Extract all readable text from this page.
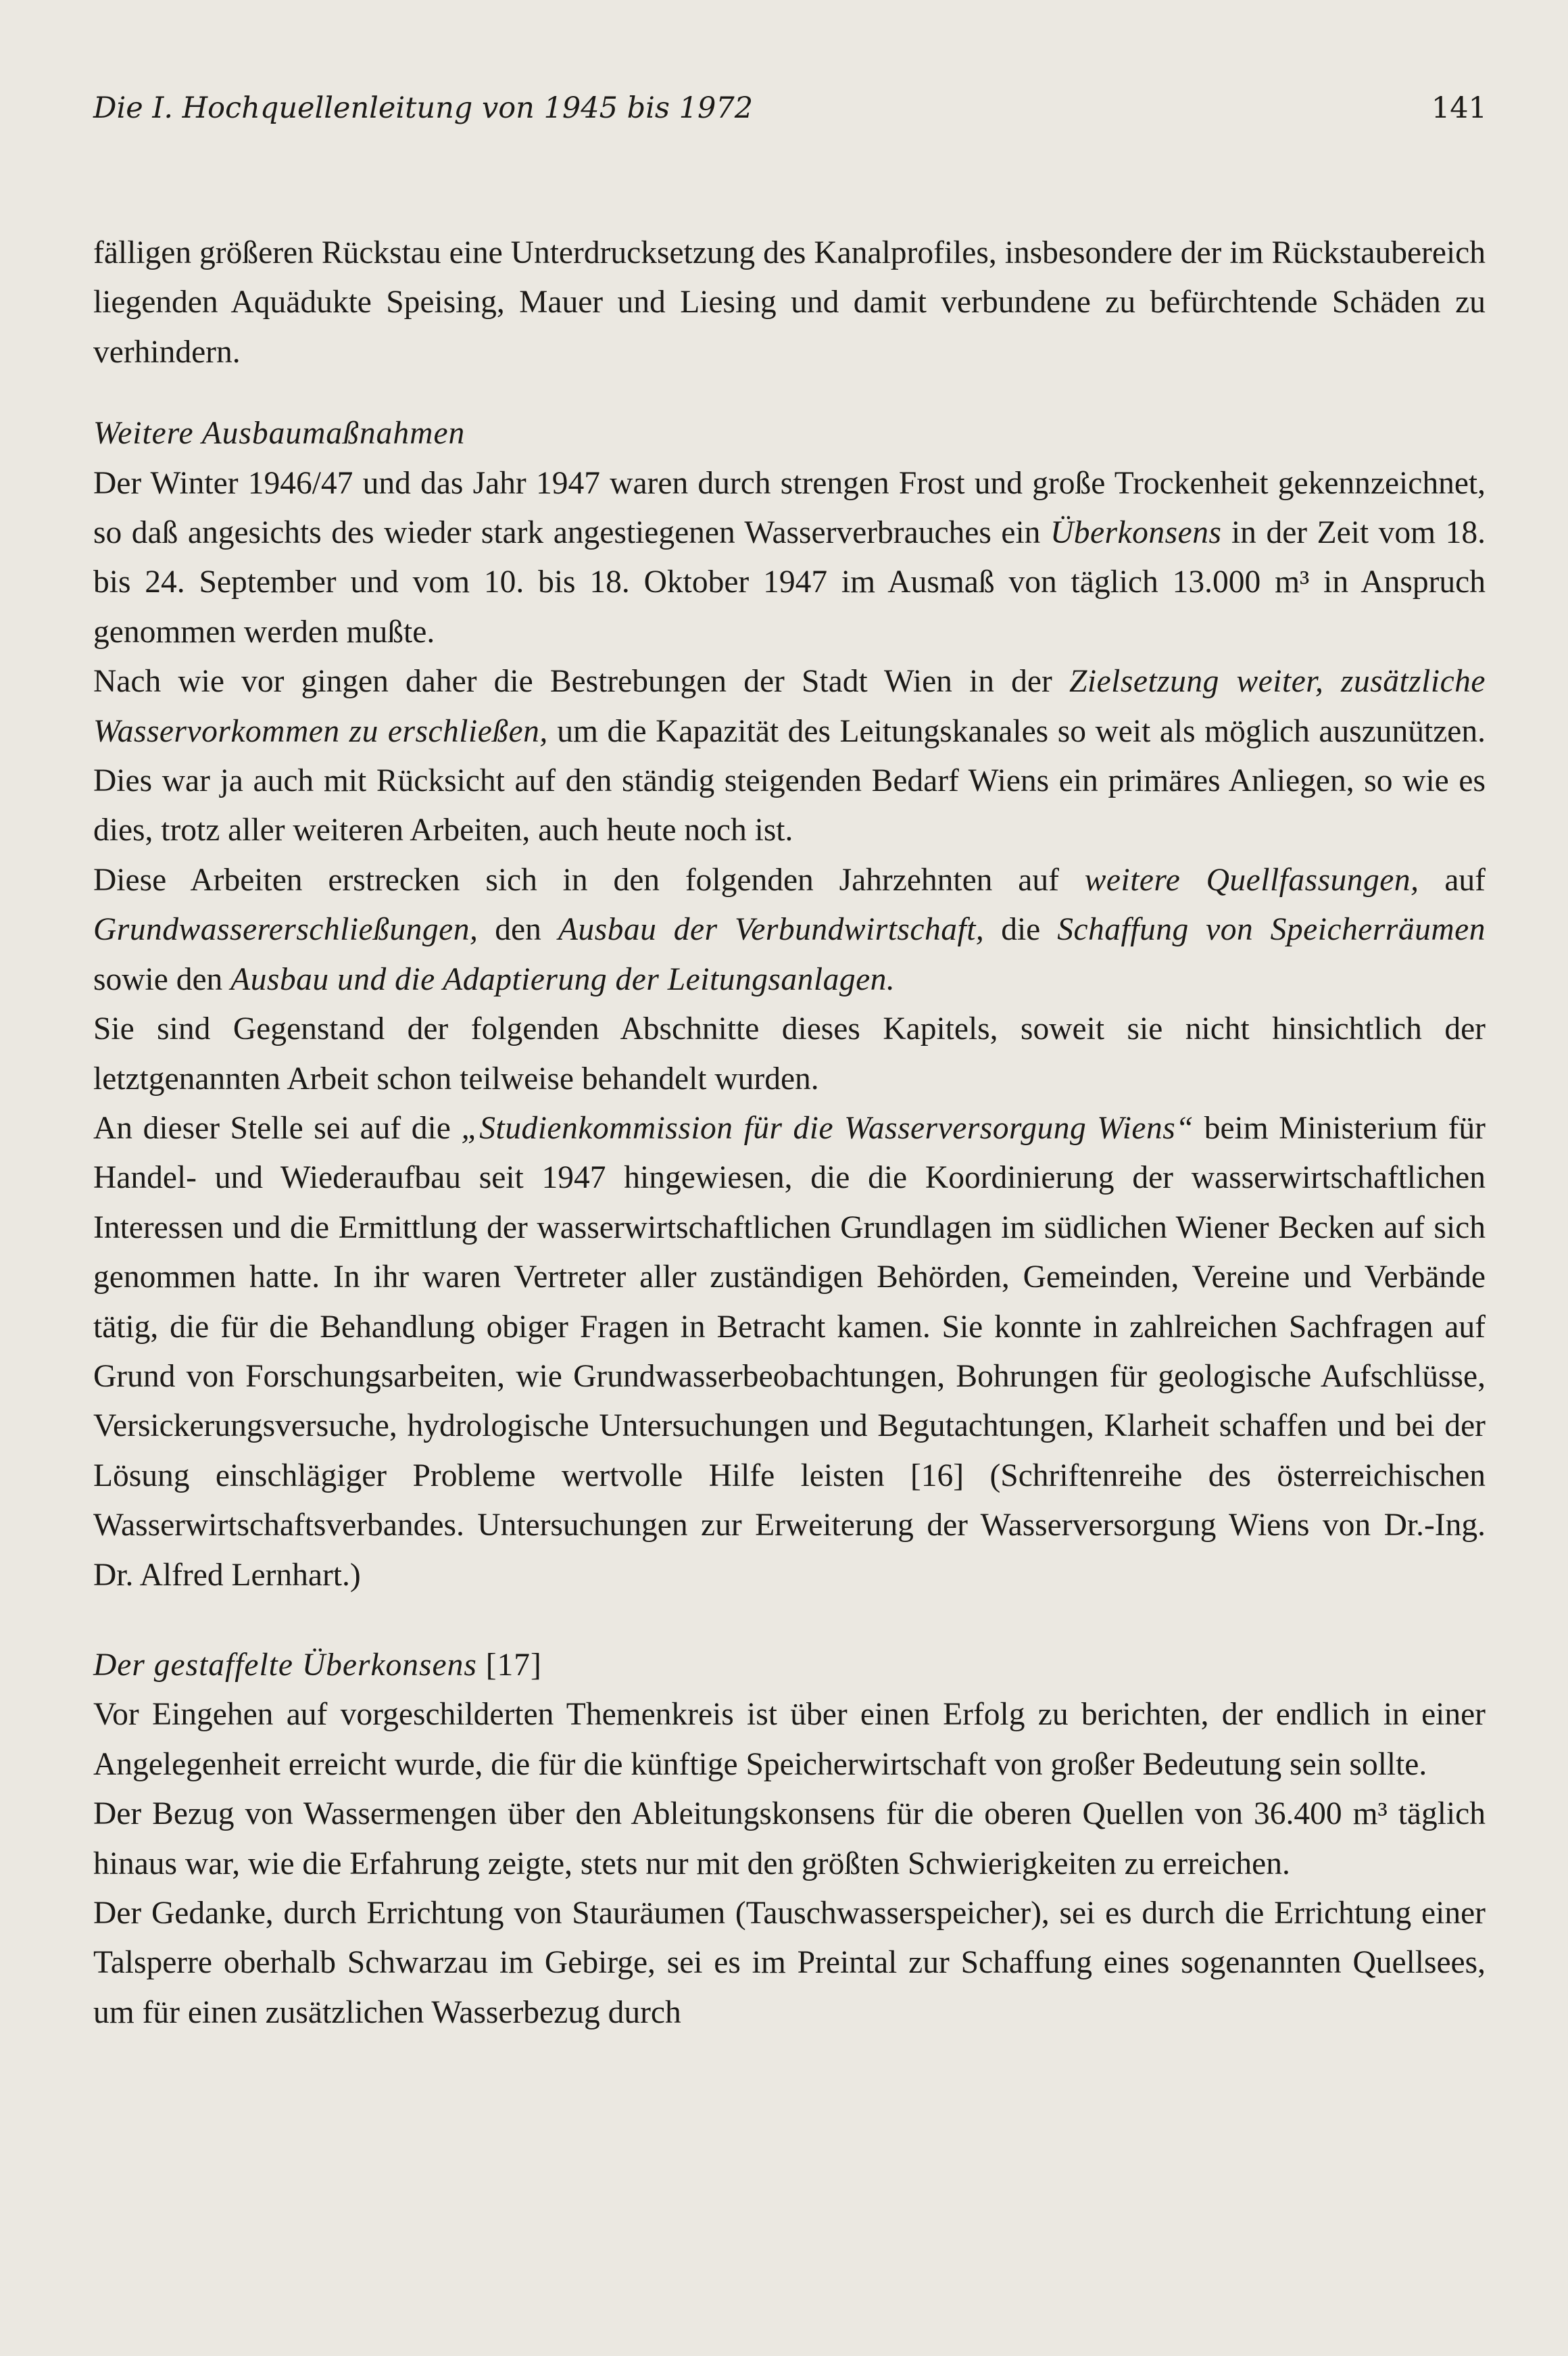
Die I. Hochquellenleitung von 1945 bis 1972	141

fälligen größeren Rückstau eine Unterdrucksetzung des Kanalprofiles, insbesondere der im Rückstaubereich liegenden Aquädukte Speising, Mauer und Liesing und damit verbundene zu befürchtende Schäden zu verhindern.

Weitere Ausbaumaßnahmen

Der Winter 1946/47 und das Jahr 1947 waren durch strengen Frost und große Trockenheit gekennzeichnet, so daß angesichts des wieder stark angestiegenen Wasserverbrauches ein Überkonsens in der Zeit vom 18. bis 24. September und vom 10. bis 18. Oktober 1947 im Ausmaß von täglich 13.000 m³ in Anspruch genommen werden mußte.

Nach wie vor gingen daher die Bestrebungen der Stadt Wien in der Zielsetzung weiter, zusätzliche Wasservorkommen zu erschließen, um die Kapazität des Leitungskanales so weit als möglich auszunützen. Dies war ja auch mit Rücksicht auf den ständig steigenden Bedarf Wiens ein primäres Anliegen, so wie es dies, trotz aller weiteren Arbeiten, auch heute noch ist.

Diese Arbeiten erstrecken sich in den folgenden Jahrzehnten auf weitere Quellfassungen, auf Grundwassererschließungen, den Ausbau der Verbundwirtschaft, die Schaffung von Speicherräumen sowie den Ausbau und die Adaptierung der Leitungsanlagen.

Sie sind Gegenstand der folgenden Abschnitte dieses Kapitels, soweit sie nicht hinsichtlich der letztgenannten Arbeit schon teilweise behandelt wurden.

An dieser Stelle sei auf die „Studienkommission für die Wasserversorgung Wiens“ beim Ministerium für Handel- und Wiederaufbau seit 1947 hingewiesen, die die Koordinierung der wasserwirtschaftlichen Interessen und die Ermittlung der wasserwirtschaftlichen Grundlagen im südlichen Wiener Becken auf sich genommen hatte. In ihr waren Vertreter aller zuständigen Behörden, Gemeinden, Vereine und Verbände tätig, die für die Behandlung obiger Fragen in Betracht kamen. Sie konnte in zahlreichen Sachfragen auf Grund von Forschungsarbeiten, wie Grundwasserbeobachtungen, Bohrungen für geologische Aufschlüsse, Versickerungsversuche, hydrologische Untersuchungen und Begutachtungen, Klarheit schaffen und bei der Lösung einschlägiger Probleme wertvolle Hilfe leisten [16] (Schriftenreihe des österreichischen Wasserwirtschaftsverbandes. Untersuchungen zur Erweiterung der Wasserversorgung Wiens von Dr.-Ing. Dr. Alfred Lernhart.)

Der gestaffelte Überkonsens [17]

Vor Eingehen auf vorgeschilderten Themenkreis ist über einen Erfolg zu berichten, der endlich in einer Angelegenheit erreicht wurde, die für die künftige Speicherwirtschaft von großer Bedeutung sein sollte.

Der Bezug von Wassermengen über den Ableitungskonsens für die oberen Quellen von 36.400 m³ täglich hinaus war, wie die Erfahrung zeigte, stets nur mit den größten Schwierigkeiten zu erreichen.

Der Gedanke, durch Errichtung von Stauräumen (Tauschwasserspeicher), sei es durch die Errichtung einer Talsperre oberhalb Schwarzau im Gebirge, sei es im Preintal zur Schaffung eines sogenannten Quellsees, um für einen zusätzlichen Wasserbezug durch
